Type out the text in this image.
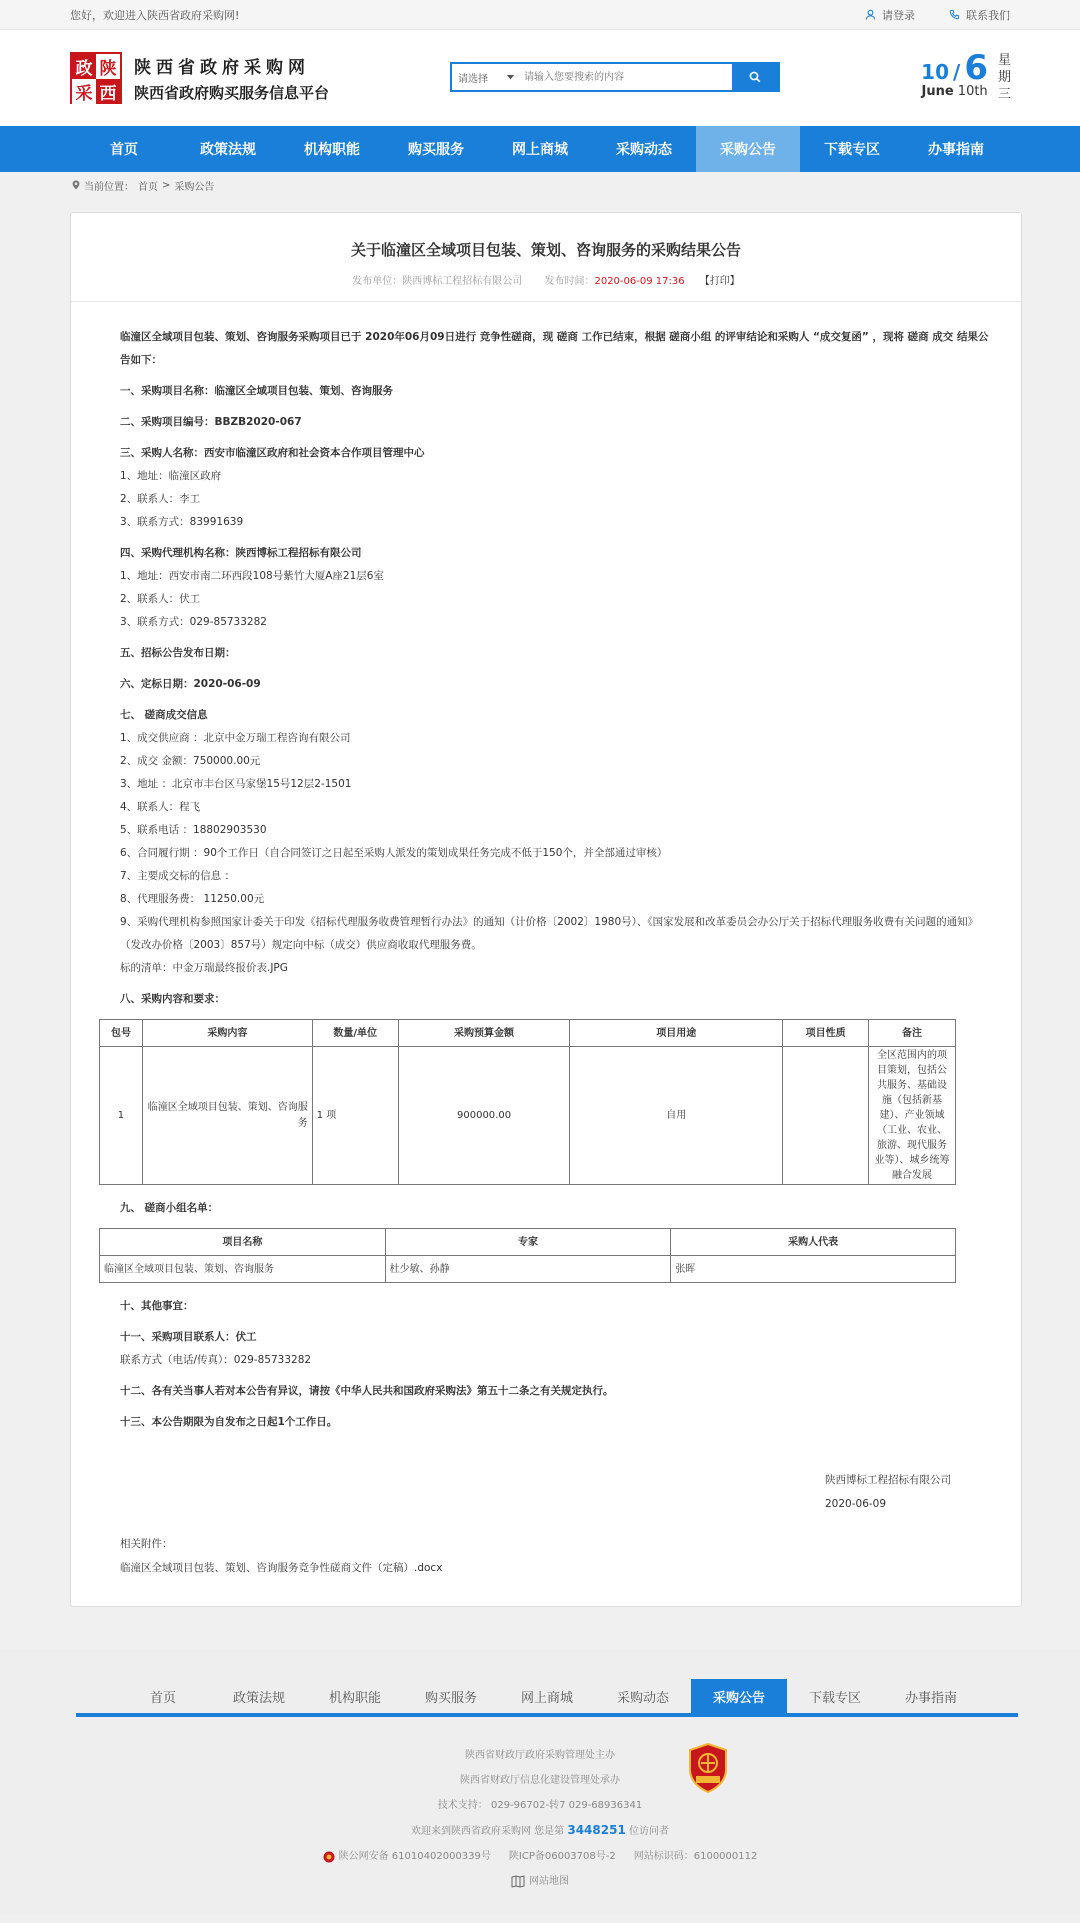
您好，欢迎进入陕西省政府采购网!	请登录	联系我们
政 陕
采 西
陕西省政府采购网
陕西省政府购买服务信息平台
请选择
请输入您要搜索的内容	10 / 6
June 10th
星
期
三
首页	政策法规	机构职能	购买服务	网上商城	采购动态	采购公告	下载专区	办事指南
当前位置： 首页 > 采购公告
关于临潼区全域项目包装、策划、咨询服务的采购结果公告
发布单位：陕西博标工程招标有限公司 发布时间：2020-06-09 17:36 【打印】

临潼区全域项目包装、策划、咨询服务采购项目已于 2020年06月09日进行 竞争性磋商，现 磋商 工作已结束，根据 磋商小组 的评审结论和采购人 “成交复函” ，现将 磋商 成交 结果公告如下：

一、采购项目名称：临潼区全域项目包装、策划、咨询服务

二、采购项目编号：BBZB2020-067

三、采购人名称：西安市临潼区政府和社会资本合作项目管理中心

1、地址：临潼区政府

2、联系人：李工

3、联系方式：83991639

四、采购代理机构名称：陕西博标工程招标有限公司

1、地址：西安市南二环西段108号紫竹大厦A座21层6室

2、联系人：伏工

3、联系方式：029-85733282

五、招标公告发布日期：

六、定标日期：2020-06-09

七、 磋商成交信息

1、成交供应商 ：北京中金万瑞工程咨询有限公司

2、成交 金额：750000.00元

3、地址 ：北京市丰台区马家堡15号12层2-1501

4、联系人：程飞

5、联系电话 ：18802903530

6、合同履行期 ：90个工作日（自合同签订之日起至采购人派发的策划成果任务完成不低于150个，并全部通过审核）

7、主要成交标的信息 ：

8、代理服务费： 11250.00元

9、采购代理机构参照国家计委关于印发《招标代理服务收费管理暂行办法》的通知（计价格〔2002〕1980号）、《国家发展和改革委员会办公厅关于招标代理服务收费有关问题的通知》（发改办价格〔2003〕857号）规定向中标（成交）供应商收取代理服务费。

标的清单：中金万瑞最终报价表.JPG

八、采购内容和要求：

包号	采购内容	数量/单位	采购预算金额	项目用途	项目性质	备注
1	临潼区全域项目包装、策划、咨询服务	1 项	900000.00	自用		全区范围内的项目策划，包括公共服务、基础设施（包括新基建）、产业领域（工业、农业、旅游、现代服务业等）、城乡统筹融合发展

九、 磋商小组名单：

项目名称	专家	采购人代表
临潼区全域项目包装、策划、咨询服务	杜少敏、孙静	张晖

十、其他事宜：

十一、采购项目联系人：伏工

联系方式（电话/传真）：029-85733282

十二、各有关当事人若对本公告有异议，请按《中华人民共和国政府采购法》第五十二条之有关规定执行。

十三、本公告期限为自发布之日起1个工作日。

陕西博标工程招标有限公司
2020-06-09
相关附件：
临潼区全域项目包装、策划、咨询服务竞争性磋商文件（定稿）.docx
首页	政策法规	机构职能	购买服务	网上商城	采购动态	采购公告	下载专区	办事指南
陕西省财政厅政府采购管理处主办
陕西省财政厅信息化建设管理处承办
技术支持： 029-96702-转7 029-68936341
欢迎来到陕西省政府采购网 您是第 3448251 位访问者
陕公网安备 61010402000339号 陕ICP备06003708号-2 网站标识码：6100000112
网站地图
